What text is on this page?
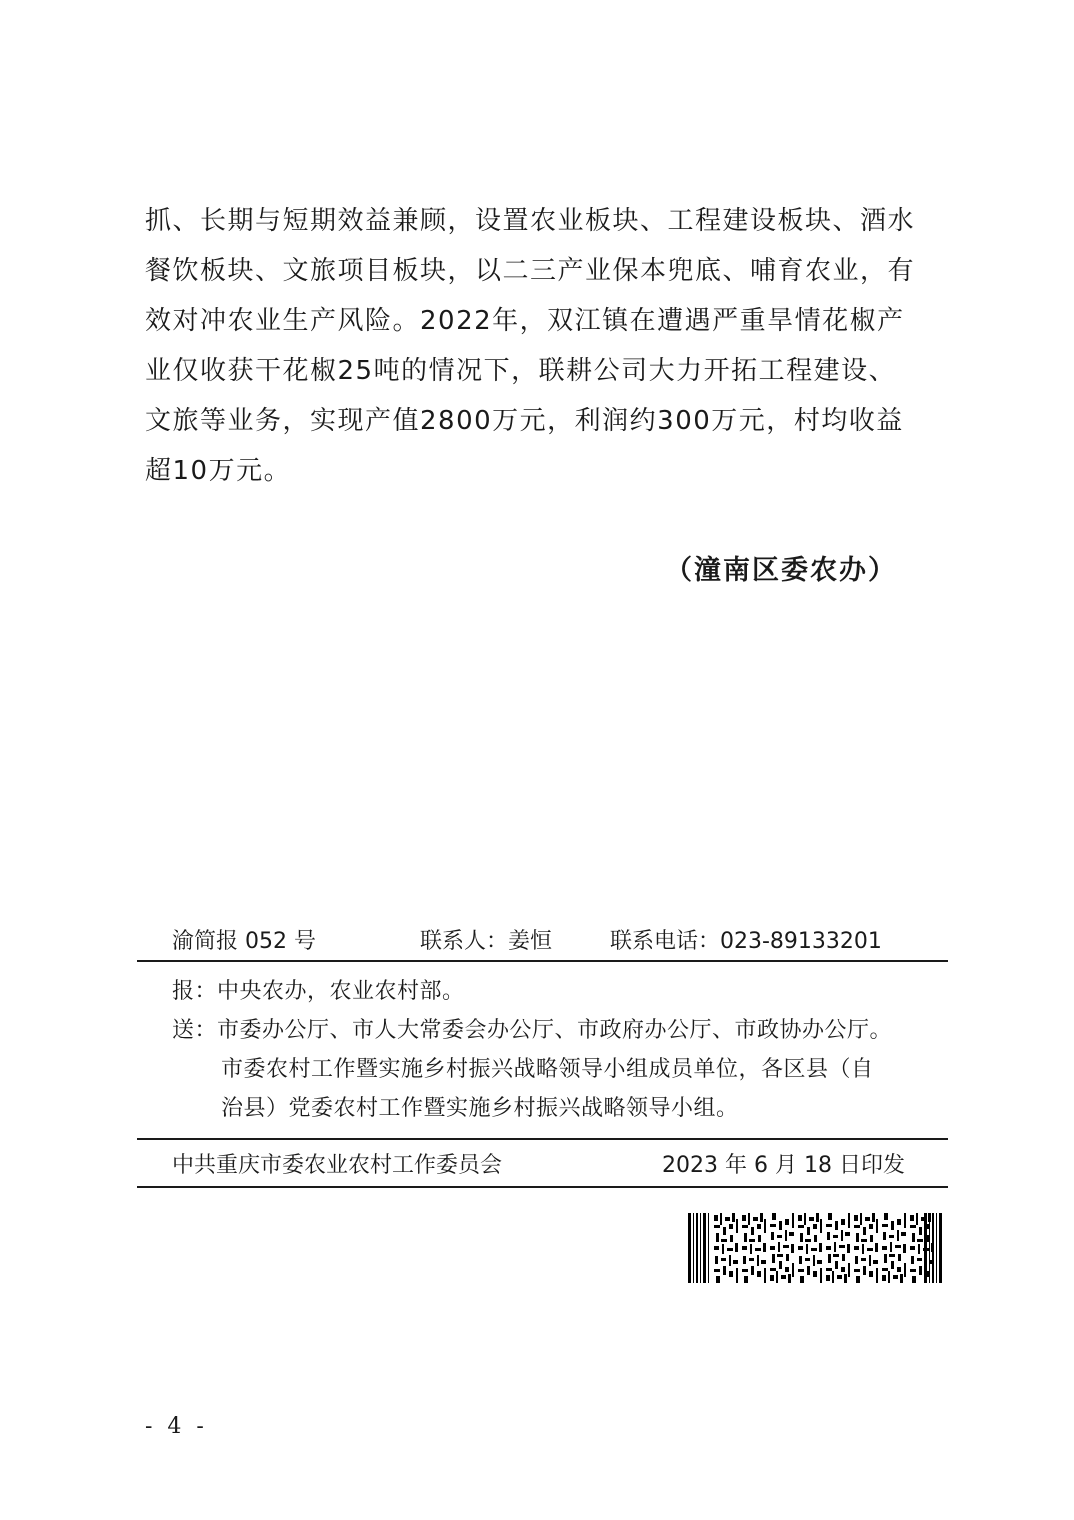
抓、长期与短期效益兼顾，设置农业板块、工程建设板块、酒水
餐饮板块、文旅项目板块，以二三产业保本兜底、哺育农业，有
效对冲农业生产风险。2022年，双江镇在遭遇严重旱情花椒产
业仅收获干花椒25吨的情况下，联耕公司大力开拓工程建设、
文旅等业务，实现产值2800万元，利润约300万元，村均收益
超10万元。
（潼南区委农办）
渝简报 052 号	联系人：姜恒	联系电话：023-89133201
报：中央农办，农业农村部。
送：市委办公厅、市人大常委会办公厅、市政府办公厅、市政协办公厅。
市委农村工作暨实施乡村振兴战略领导小组成员单位，各区县（自
治县）党委农村工作暨实施乡村振兴战略领导小组。
中共重庆市委农业农村工作委员会	2023 年 6 月 18 日印发
- 4 -
